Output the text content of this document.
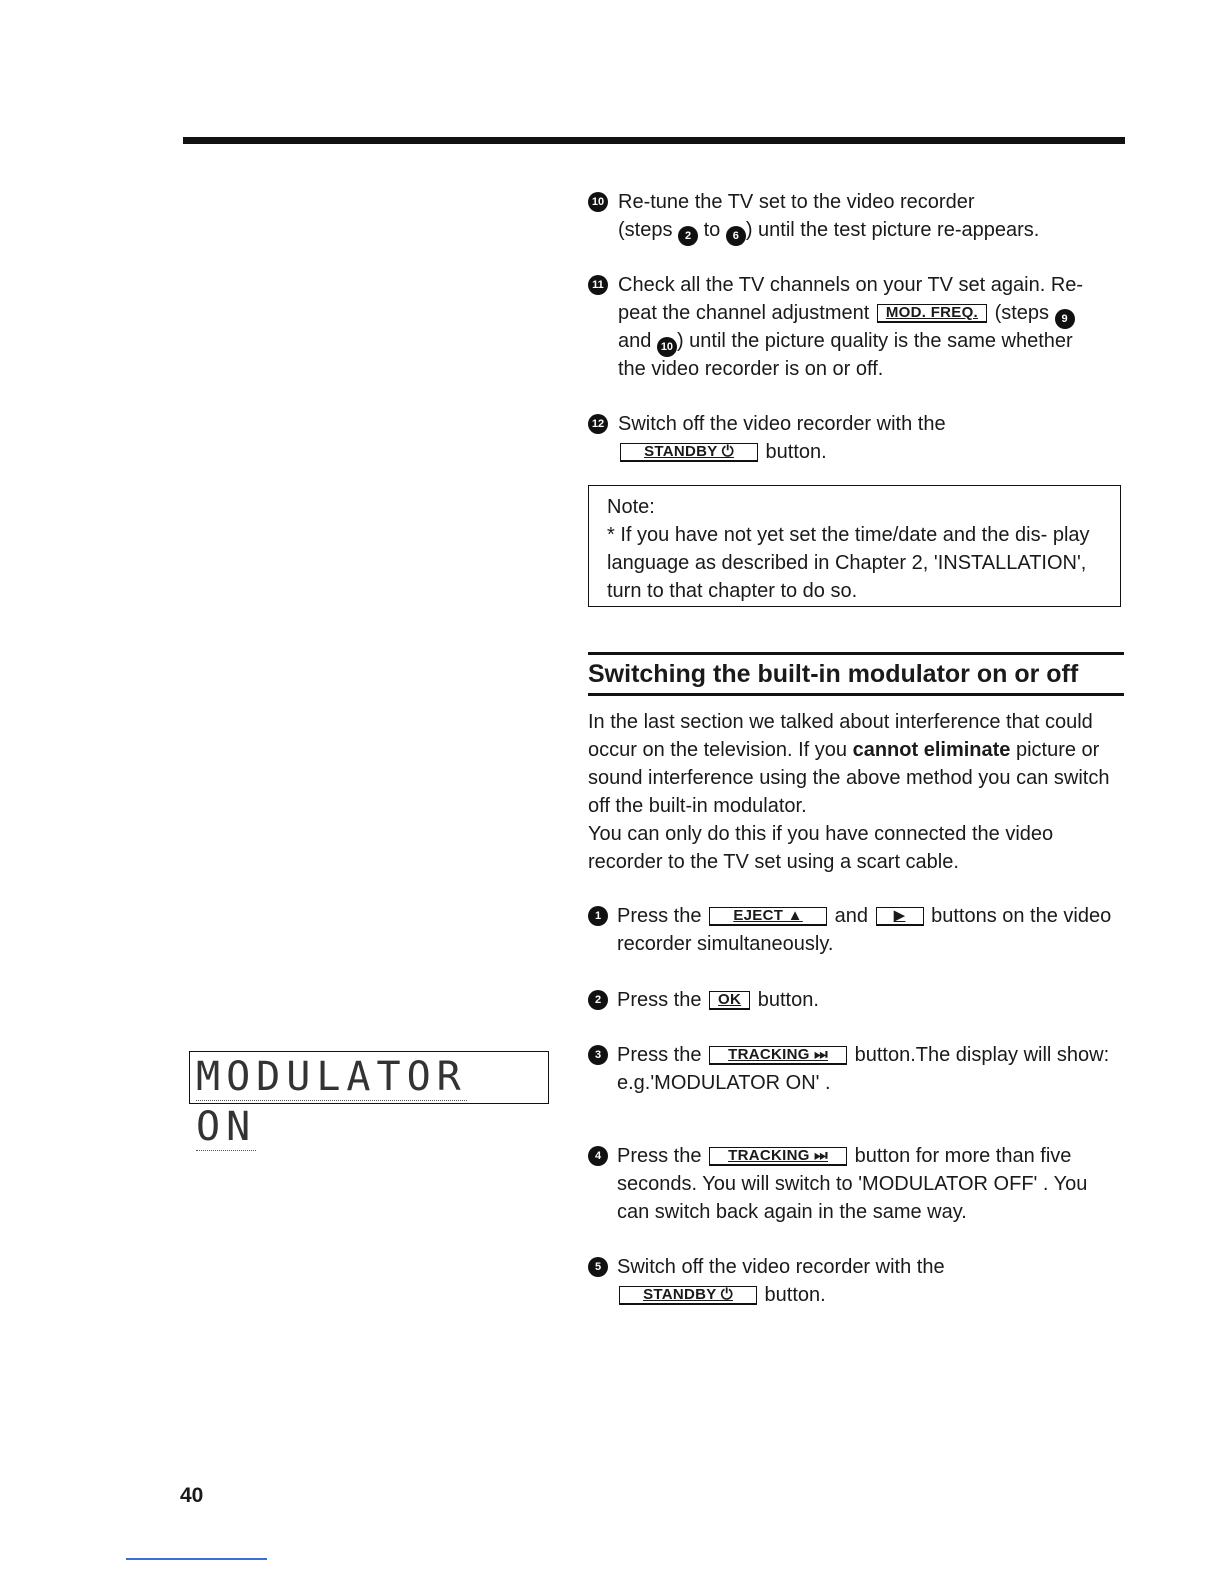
10 Re-tune the TV set to the video recorder
(steps 2 to 6 ) until the test picture re-appears.
11 Check all the TV channels on your TV set again. Re-
peat the channel adjustment MOD. FREQ. (steps 9
and 10 ) until the picture quality is the same whether
the video recorder is on or off.
12 Switch off the video recorder with the
STANDBY ⏻ button.
Note:
* If you have not yet set the time/date and the dis- play language as described in Chapter 2, 'INSTALLATION', turn to that chapter to do so.
Switching the built-in modulator on or off
In the last section we talked about interference that could occur on the television. If you cannot eliminate picture or sound interference using the above method you can switch off the built-in modulator.
You can only do this if you have connected the video recorder to the TV set using a scart cable.
1 Press the EJECT ▲ and ▶ buttons on the video recorder simultaneously.
2 Press the OK button.
3 Press the TRACKING ⏭ button.The display will show: e.g.'MODULATOR ON' .
4 Press the TRACKING ⏭ button for more than five seconds. You will switch to 'MODULATOR OFF' . You can switch back again in the same way.
5 Switch off the video recorder with the
STANDBY ⏻ button.
MODULATOR ON
40
